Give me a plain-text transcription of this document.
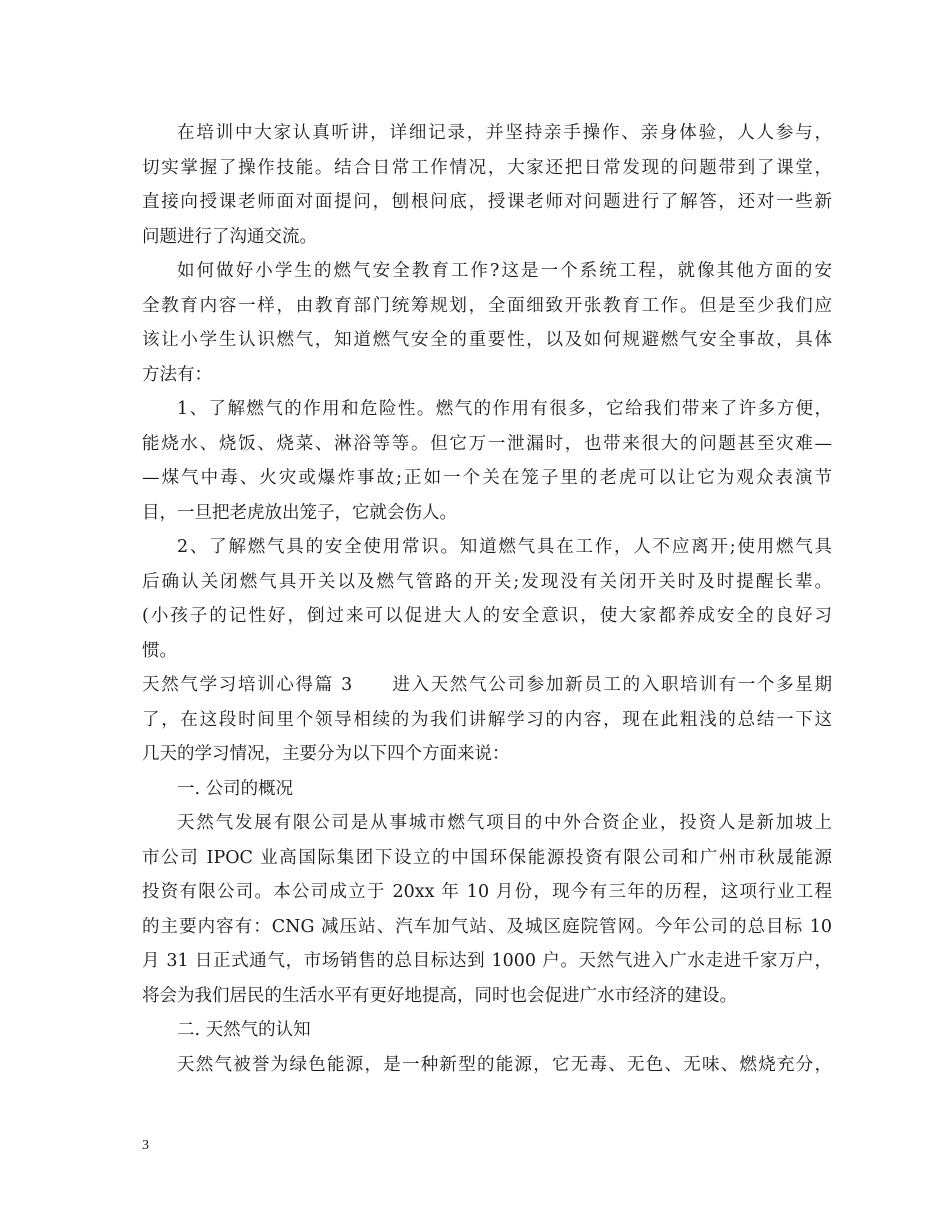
在培训中大家认真听讲，详细记录，并坚持亲手操作、亲身体验，人人参与，
切实掌握了操作技能。结合日常工作情况，大家还把日常发现的问题带到了课堂，
直接向授课老师面对面提问，刨根问底，授课老师对问题进行了解答，还对一些新
问题进行了沟通交流。
如何做好小学生的燃气安全教育工作?这是一个系统工程，就像其他方面的安
全教育内容一样，由教育部门统筹规划，全面细致开张教育工作。但是至少我们应
该让小学生认识燃气，知道燃气安全的重要性，以及如何规避燃气安全事故，具体
方法有：
1、了解燃气的作用和危险性。燃气的作用有很多，它给我们带来了许多方便，
能烧水、烧饭、烧菜、淋浴等等。但它万一泄漏时，也带来很大的问题甚至灾难—
—煤气中毒、火灾或爆炸事故;正如一个关在笼子里的老虎可以让它为观众表演节
目，一旦把老虎放出笼子，它就会伤人。
2、了解燃气具的安全使用常识。知道燃气具在工作，人不应离开;使用燃气具
后确认关闭燃气具开关以及燃气管路的开关;发现没有关闭开关时及时提醒长辈。
(小孩子的记性好，倒过来可以促进大人的安全意识，使大家都养成安全的良好习
惯。
天然气学习培训心得篇 3　　进入天然气公司参加新员工的入职培训有一个多星期
了，在这段时间里个领导相续的为我们讲解学习的内容，现在此粗浅的总结一下这
几天的学习情况，主要分为以下四个方面来说：
一. 公司的概况
天然气发展有限公司是从事城市燃气项目的中外合资企业，投资人是新加坡上
市公司 IPOC 业高国际集团下设立的中国环保能源投资有限公司和广州市秋晟能源
投资有限公司。本公司成立于 20xx 年 10 月份，现今有三年的历程，这项行业工程
的主要内容有：CNG 减压站、汽车加气站、及城区庭院管网。今年公司的总目标 10
月 31 日正式通气，市场销售的总目标达到 1000 户。天然气进入广水走进千家万户，
将会为我们居民的生活水平有更好地提高，同时也会促进广水市经济的建设。
二. 天然气的认知
天然气被誉为绿色能源，是一种新型的能源，它无毒、无色、无味、燃烧充分，
3
